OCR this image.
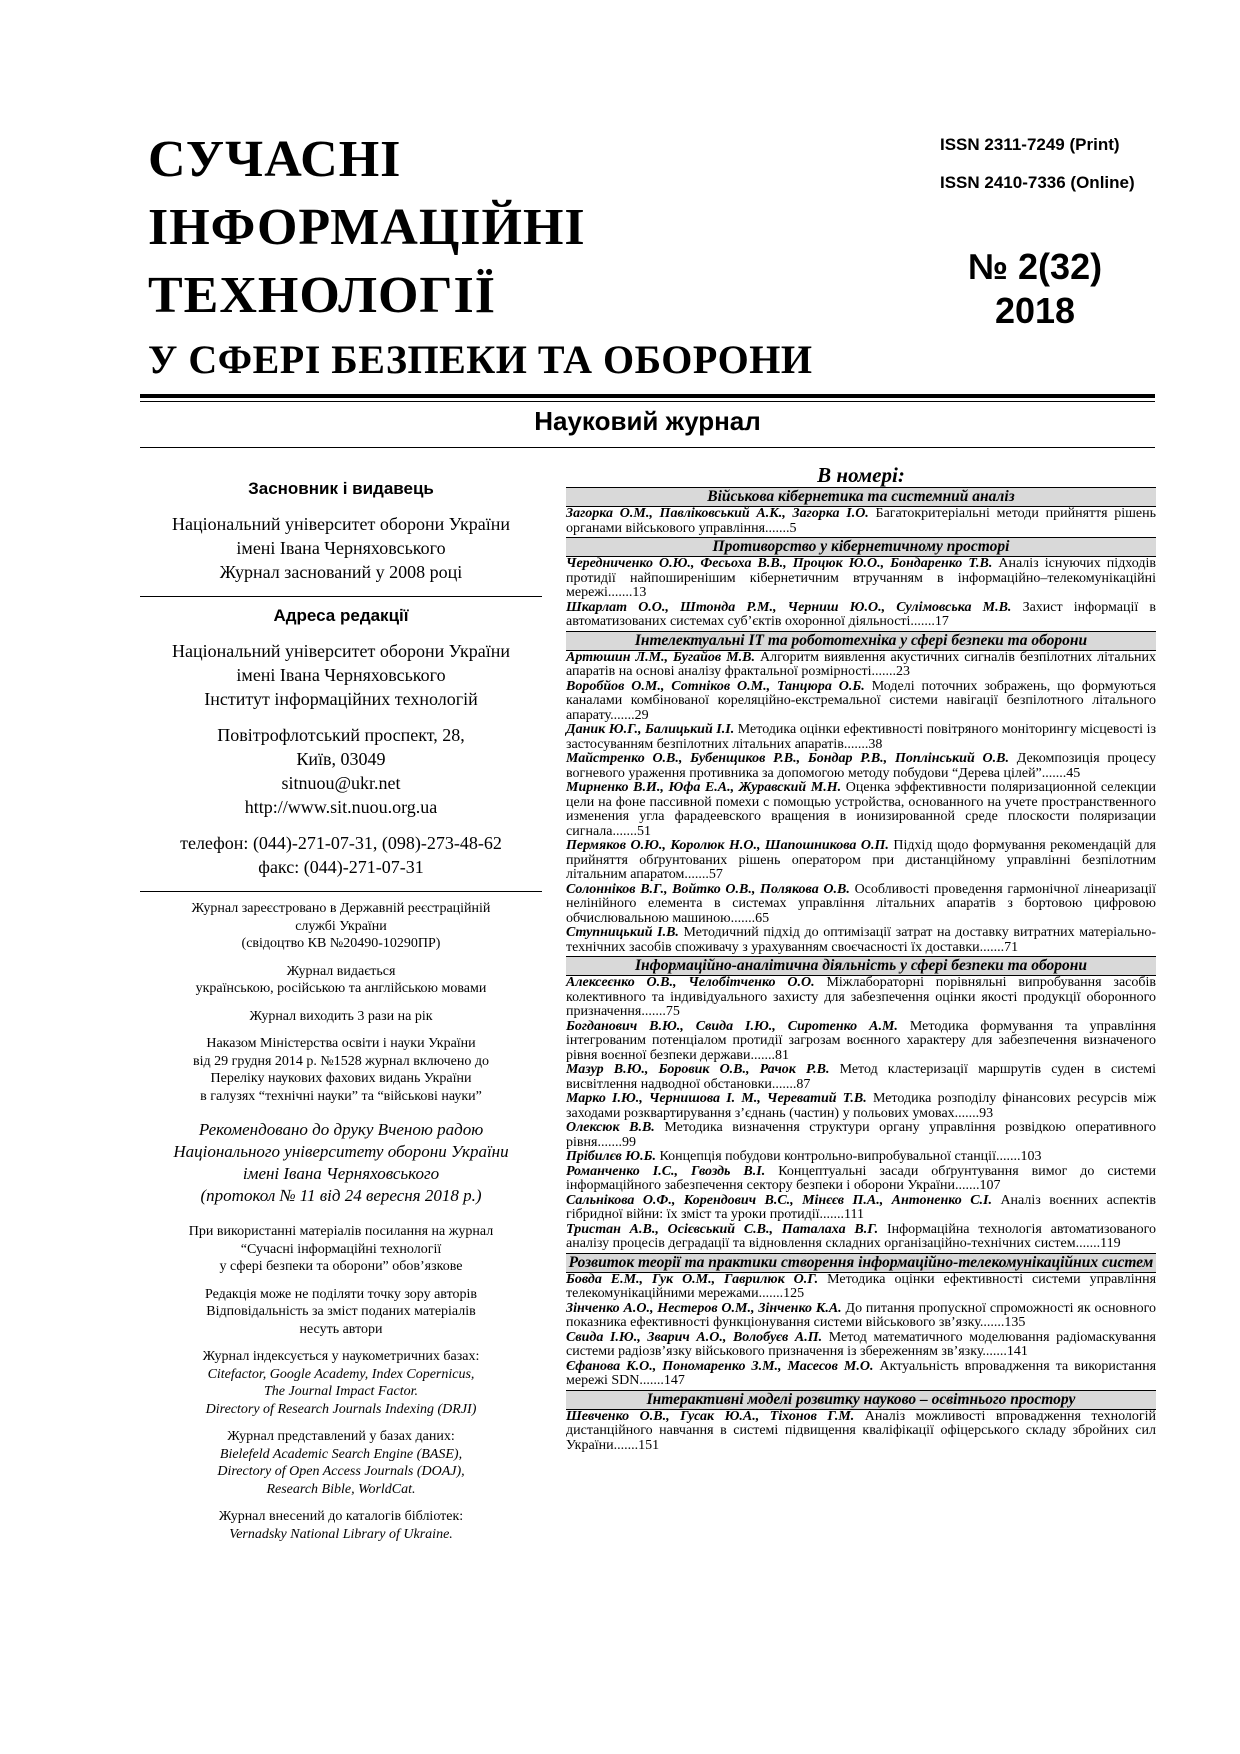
СУЧАСНІ
ІНФОРМАЦІЙНІ
ТЕХНОЛОГІЇ
У СФЕРІ БЕЗПЕКИ ТА ОБОРОНИ
ISSN 2311-7249 (Print)
ISSN 2410-7336 (Online)
№ 2(32)
2018
Науковий журнал
Засновник і видавець

Національний університет оборони України

імені Івана Черняховського

Журнал заснований у 2008 році

Адреса редакції

Національний університет оборони України

імені Івана Черняховського

Інститут інформаційних технологій

Повітрофлотський проспект, 28,

Київ, 03049

sitnuou@ukr.net

http://www.sit.nuou.org.ua

телефон: (044)-271-07-31, (098)-273-48-62

факс: (044)-271-07-31

Журнал зареєстровано в Державній реєстраційній
службі України
(свідоцтво КВ №20490-10290ПР)
Журнал видається
українською, російською та англійською мовами
Журнал виходить 3 рази на рік
Наказом Міністерства освіти і науки України
від 29 грудня 2014 р. №1528 журнал включено до
Переліку наукових фахових видань України
в галузях “технічні науки” та “військові науки”
Рекомендовано до друку Вченою радою
Національного університету оборони України
імені Івана Черняховського
(протокол № 11 від 24 вересня 2018 р.)
При використанні матеріалів посилання на журнал
“Сучасні інформаційні технології
у сфері безпеки та оборони” обов’язкове
Редакція може не поділяти точку зору авторів
Відповідальність за зміст поданих матеріалів
несуть автори
Журнал індексується у наукометричних базах:
Citefactor, Google Academy, Index Copernicus,
The Journal Impact Factor.
Directory of Research Journals Indexing (DRJI)
Журнал представлений у базах даних:
Bielefeld Academic Search Engine (BASE),
Directory of Open Access Journals (DOAJ),
Research Bible, WorldCat.
Журнал внесений до каталогів бібліотек:
Vernadsky National Library of Ukraine.
В номері:
Військова кібернетика та системний аналіз

Загорка О.М., Павліковський А.К., Загорка І.О. Багатокритеріальні методи прийняття рішень органами військового управління.......5

Противорство у кібернетичному просторі

Чередниченко О.Ю., Фесьоха В.В., Процюк Ю.О., Бондаренко Т.В. Аналіз існуючих підходів протидії найпоширенішим кібернетичним втручанням в інформаційно–телекомунікаційні мережі.......13

Шкарлат О.О., Штонда Р.М., Черниш Ю.О., Сулімовська М.В. Захист інформації в автоматизованих системах суб’єктів охоронної діяльності.......17

Інтелектуальні ІТ та робототехніка у сфері безпеки та оборони

Артюшин Л.М., Бугайов М.В. Алгоритм виявлення акустичних сигналів безпілотних літальних апаратів на основі аналізу фрактальної розмірності.......23

Воробйов О.М., Сотніков О.М., Танцюра О.Б. Моделі поточних зображень, що формуються каналами комбінованої кореляційно-екстремальної системи навігації безпілотного літального апарату.......29

Даник Ю.Г., Балицький І.І. Методика оцінки ефективності повітряного моніторингу місцевості із застосуванням безпілотних літальних апаратів.......38

Майстренко О.В., Бубенщиков Р.В., Бондар Р.В., Поплінський О.В. Декомпозиція процесу вогневого ураження противника за допомогою методу побудови “Дерева цілей”.......45

Мирненко В.И., Юфа Е.А., Журавский М.Н. Оценка эффективности поляризационной селекции цели на фоне пассивной помехи с помощью устройства, основанного на учете пространственного изменения угла фарадеевского вращения в ионизированной среде плоскости поляризации сигнала.......51

Пермяков О.Ю., Королюк Н.О., Шапошникова О.П. Підхід щодо формування рекомендацій для прийняття обґрунтованих рішень оператором при дистанційному управлінні безпілотним літальним апаратом.......57

Солонніков В.Г., Войтко О.В., Полякова О.В. Особливості проведення гармонічної лінеаризації нелінійного елемента в системах управління літальних апаратів з бортовою цифровою обчислювальною машиною.......65

Ступницький І.В. Методичний підхід до оптимізації затрат на доставку витратних матеріально-технічних засобів споживачу з урахуванням своєчасності їх доставки.......71

Інформаційно-аналітична діяльність у сфері безпеки та оборони

Алексеєнко О.В., Челобітченко О.О. Міжлабораторні порівняльні випробування засобів колективного та індивідуального захисту для забезпечення оцінки якості продукції оборонного призначення.......75

Богданович В.Ю., Свида І.Ю., Сиротенко А.М. Методика формування та управління інтегрованим потенціалом протидії загрозам воєнного характеру для забезпечення визначеного рівня воєнної безпеки держави.......81

Мазур В.Ю., Боровик О.В., Рачок Р.В. Метод кластеризації маршрутів суден в системі висвітлення надводної обстановки.......87

Марко І.Ю., Чернишова І. М., Череватий Т.В. Методика розподілу фінансових ресурсів між заходами розквартирування з’єднань (частин) у польових умовах.......93

Олексюк В.В. Методика визначення структури органу управління розвідкою оперативного рівня.......99

Прібилєв Ю.Б. Концепція побудови контрольно-випробувальної станції.......103

Романченко І.С., Гвоздь В.І. Концептуальні засади обґрунтування вимог до системи інформаційного забезпечення сектору безпеки і оборони України.......107

Сальнікова О.Ф., Корендович В.С., Мінєєв П.А., Антоненко С.І. Аналіз воєнних аспектів гібридної війни: їх зміст та уроки протидії.......111

Тристан А.В., Осієвський С.В., Паталаха В.Г. Інформаційна технологія автоматизованого аналізу процесів деградації та відновлення складних організаційно-технічних систем.......119

Розвиток теорії та практики створення інформаційно-телекомунікаційних систем

Бовда Е.М., Гук О.М., Гаврилюк О.Г. Методика оцінки ефективності системи управління телекомунікаційними мережами.......125

Зінченко А.О., Нестеров О.М., Зінченко К.А. До питання пропускної спроможності як основного показника ефективності функціонування системи військового зв’язку.......135

Свида І.Ю., Зварич А.О., Волобуєв А.П. Метод математичного моделювання радіомаскування системи радіозв’язку військового призначення із збереженням зв’язку.......141

Єфанова К.О., Пономаренко З.М., Масесов М.О. Актуальність впровадження та використання мережі SDN.......147

Інтерактивні моделі розвитку науково – освітнього простору

Шевченко О.В., Гусак Ю.А., Тіхонов Г.М. Аналіз можливості впровадження технологій дистанційного навчання в системі підвищення кваліфікації офіцерського складу збройних сил України.......151
